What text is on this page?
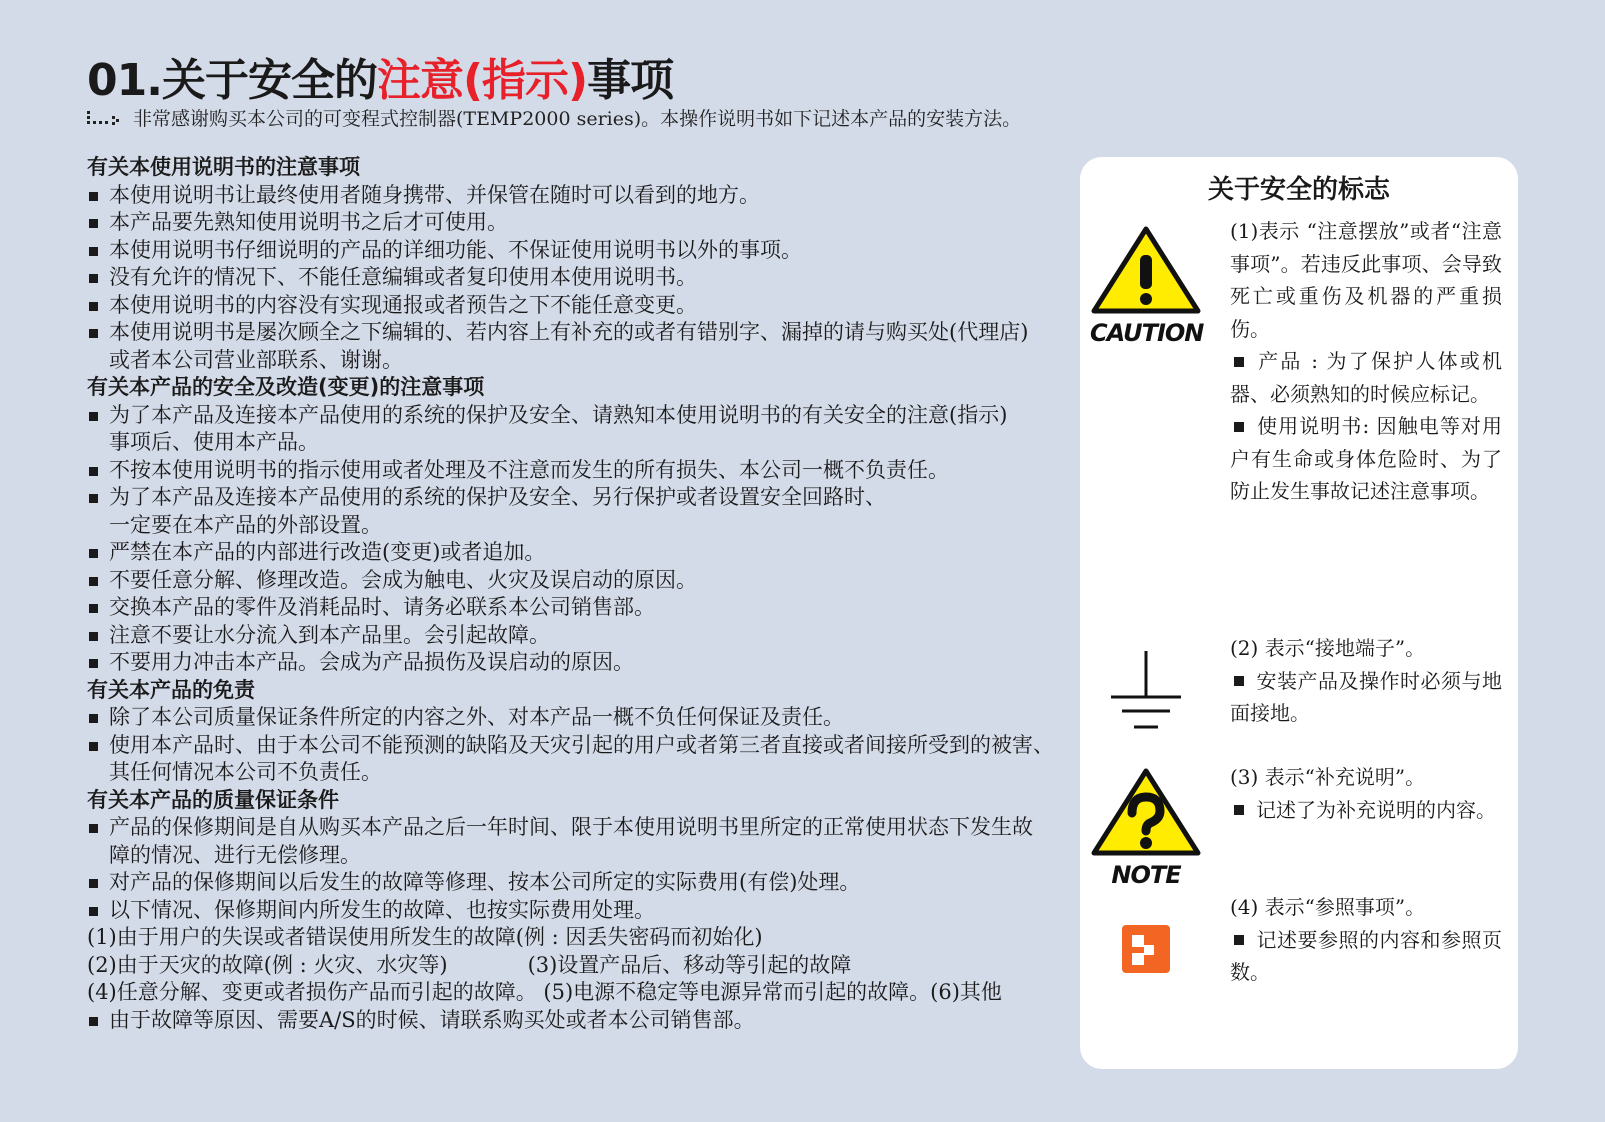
01.关于安全的注意(指示)事项
非常感谢购买本公司的可变程式控制器(TEMP2000 series)。本操作说明书如下记述本产品的安装方法。
有关本使用说明书的注意事项
本使用说明书让最终使用者随身携带、并保管在随时可以看到的地方。
本产品要先熟知使用说明书之后才可使用。
本使用说明书仔细说明的产品的详细功能、不保证使用说明书以外的事项。
没有允许的情况下、不能任意编辑或者复印使用本使用说明书。
本使用说明书的内容没有实现通报或者预告之下不能任意变更。
本使用说明书是屡次顾全之下编辑的、若内容上有补充的或者有错别字、漏掉的请与购买处(代理店)
或者本公司营业部联系、谢谢。
有关本产品的安全及改造(变更)的注意事项
为了本产品及连接本产品使用的系统的保护及安全、请熟知本使用说明书的有关安全的注意(指示)
事项后、使用本产品。
不按本使用说明书的指示使用或者处理及不注意而发生的所有损失、本公司一概不负责任。
为了本产品及连接本产品使用的系统的保护及安全、另行保护或者设置安全回路时、
一定要在本产品的外部设置。
严禁在本产品的内部进行改造(变更)或者追加。
不要任意分解、修理改造。会成为触电、火灾及误启动的原因。
交换本产品的零件及消耗品时、请务必联系本公司销售部。
注意不要让水分流入到本产品里。会引起故障。
不要用力冲击本产品。会成为产品损伤及误启动的原因。
有关本产品的免责
除了本公司质量保证条件所定的内容之外、对本产品一概不负任何保证及责任。
使用本产品时、由于本公司不能预测的缺陷及天灾引起的用户或者第三者直接或者间接所受到的被害、
其任何情况本公司不负责任。
有关本产品的质量保证条件
产品的保修期间是自从购买本产品之后一年时间、限于本使用说明书里所定的正常使用状态下发生故
障的情况、进行无偿修理。
对产品的保修期间以后发生的故障等修理、按本公司所定的实际费用(有偿)处理。
以下情况、保修期间内所发生的故障、也按实际费用处理。
(1)由于用户的失误或者错误使用所发生的故障(例 : 因丢失密码而初始化)
(2)由于天灾的故障(例 : 火灾、水灾等)	(3)设置产品后、移动等引起的故障
(4)任意分解、变更或者损伤产品而引起的故障。 (5)电源不稳定等电源异常而引起的故障。(6)其他
由于故障等原因、需要A/S的时候、请联系购买处或者本公司销售部。
关于安全的标志
CAUTION

(1)表示 “注意摆放”或者“注意事项”。若违反此事项、会导致死亡或重伤及机器的严重损伤。

产品 : 为了保护人体或机器、必须熟知的时候应标记。

使用说明书: 因触电等对用户有生命或身体危险时、为了防止发生事故记述注意事项。

(2) 表示“接地端子”。

安装产品及操作时必须与地面接地。

NOTE

(3) 表示“补充说明”。

记述了为补充说明的内容。

(4) 表示“参照事项”。

记述要参照的内容和参照页数。
